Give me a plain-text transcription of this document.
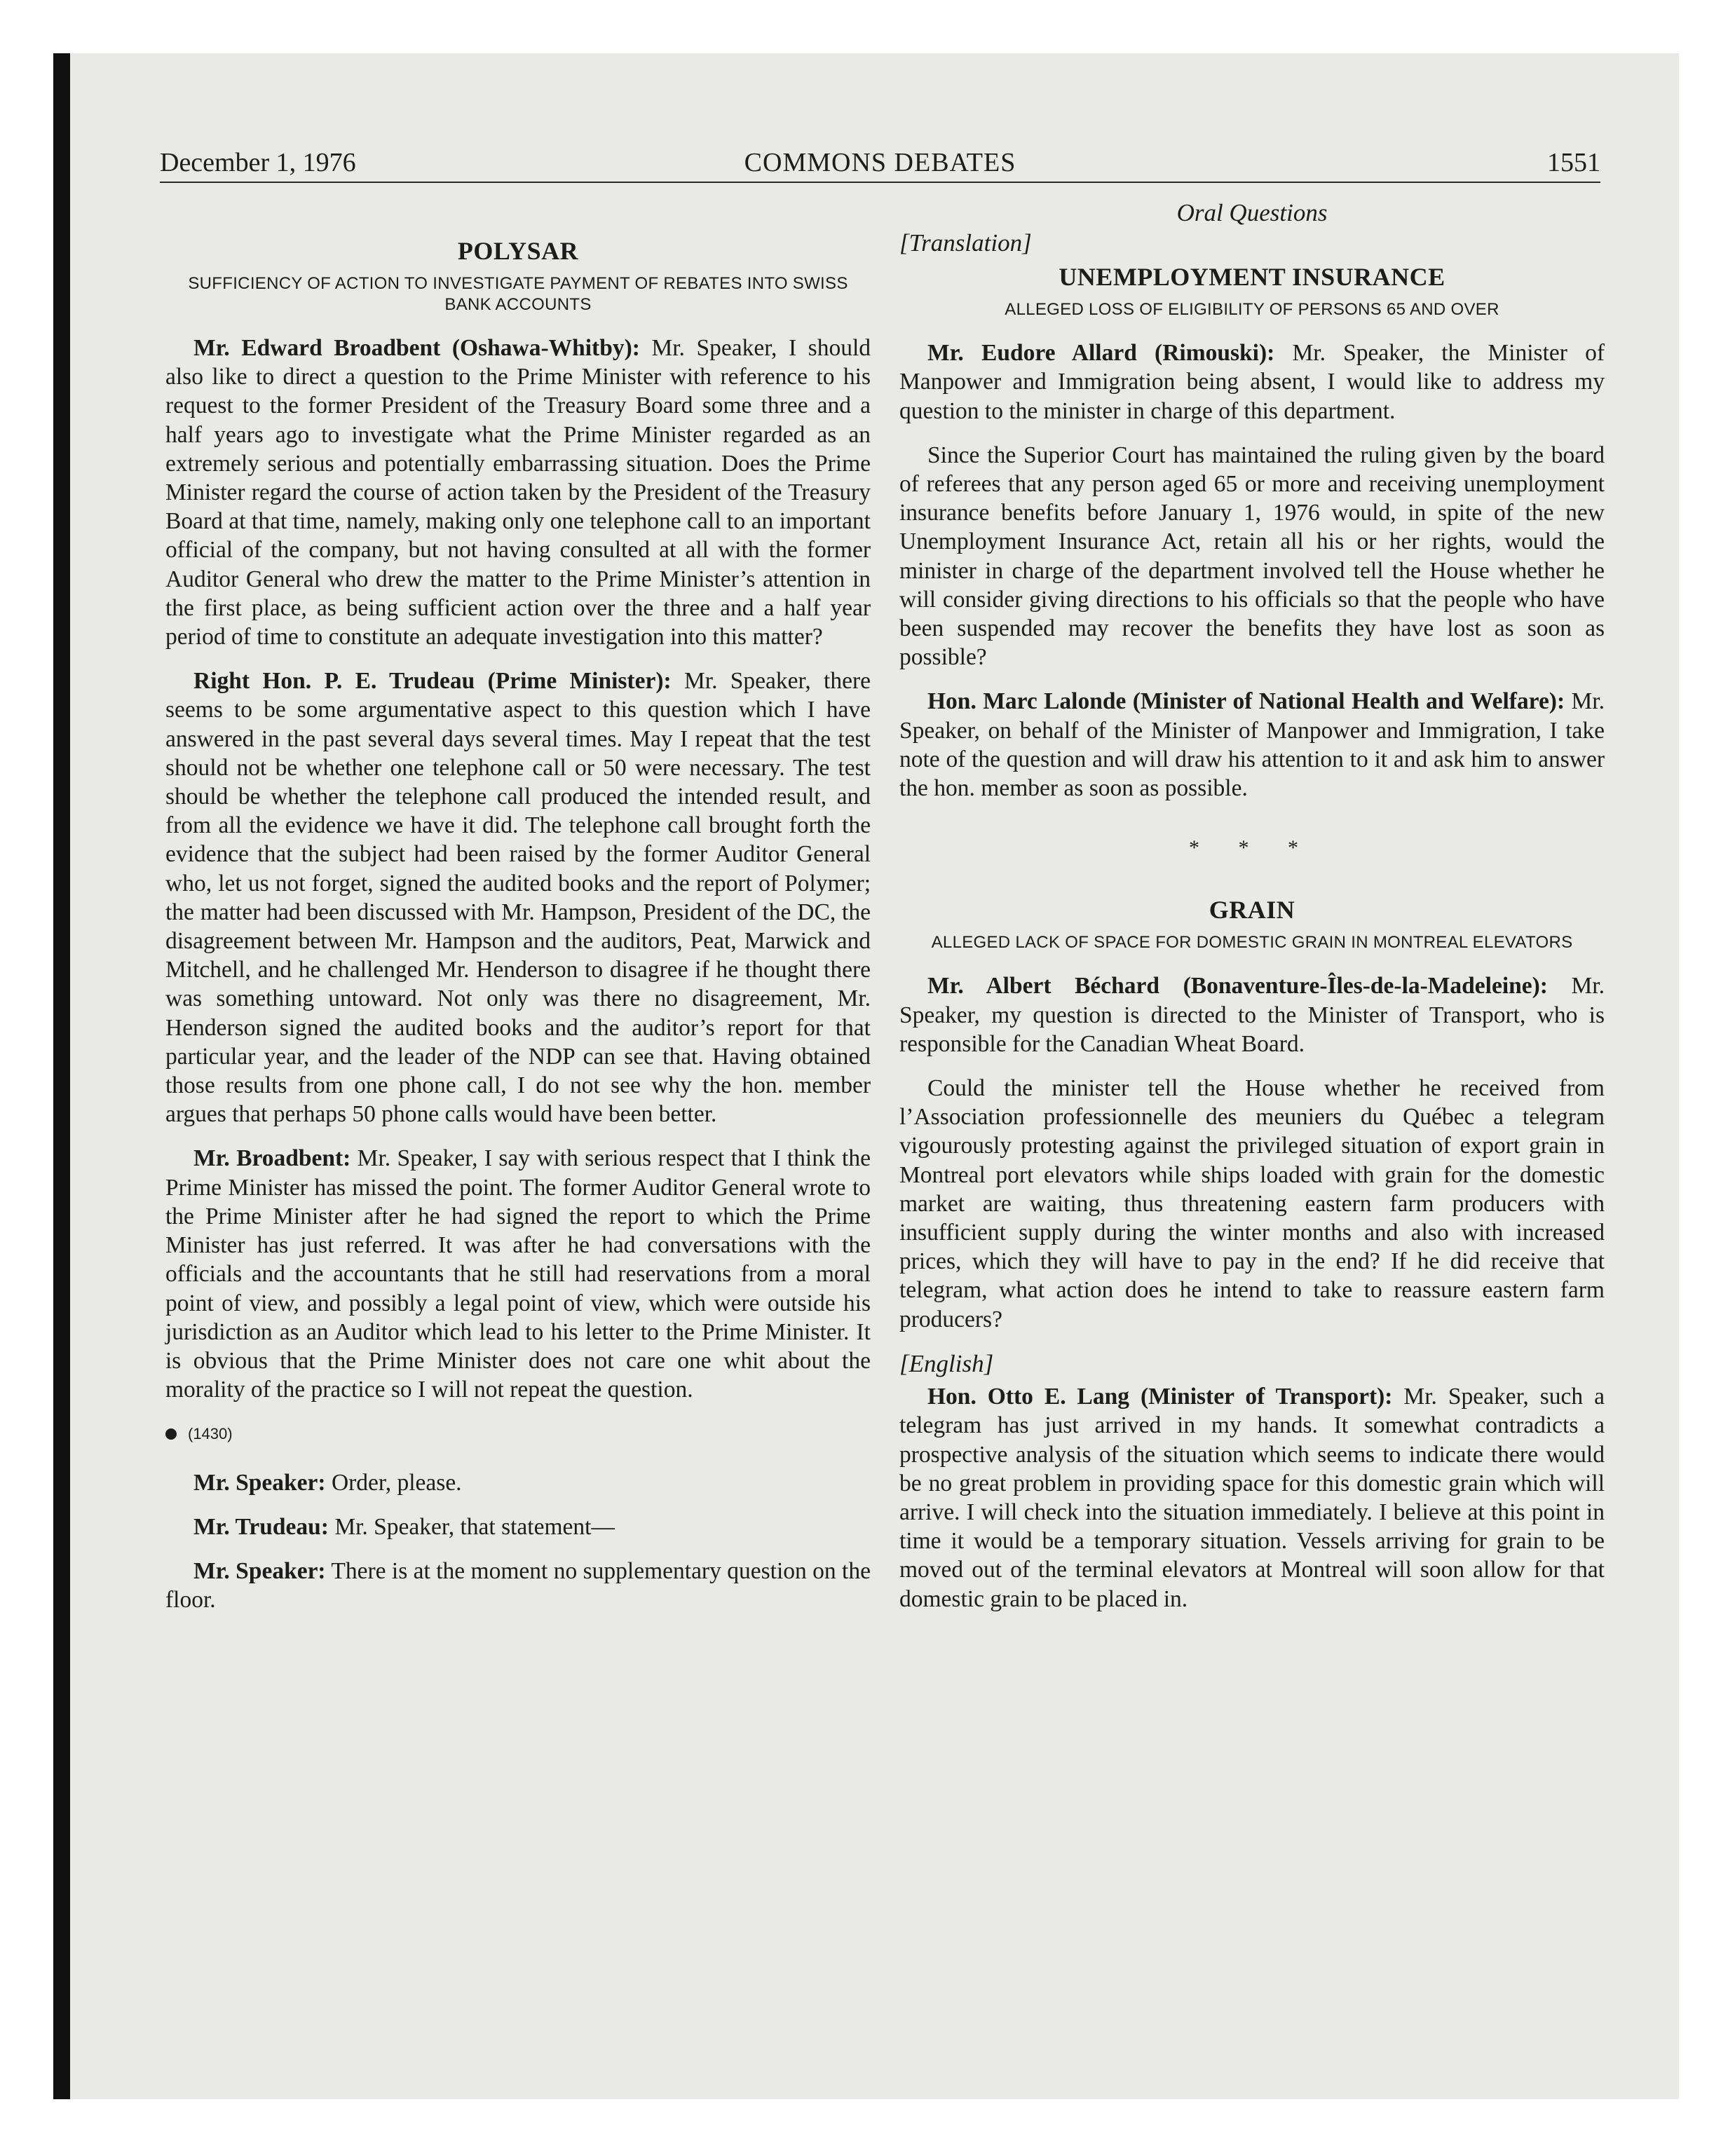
December 1, 1976	COMMONS DEBATES	1551
POLYSAR
SUFFICIENCY OF ACTION TO INVESTIGATE PAYMENT OF REBATES INTO SWISS BANK ACCOUNTS

Mr. Edward Broadbent (Oshawa-Whitby): Mr. Speaker, I should also like to direct a question to the Prime Minister with reference to his request to the former President of the Treasury Board some three and a half years ago to investigate what the Prime Minister regarded as an extremely serious and potentially embarrassing situation. Does the Prime Minister regard the course of action taken by the President of the Treasury Board at that time, namely, making only one telephone call to an important official of the company, but not having consulted at all with the former Auditor General who drew the matter to the Prime Minister’s attention in the first place, as being sufficient action over the three and a half year period of time to constitute an adequate investigation into this matter?

Right Hon. P. E. Trudeau (Prime Minister): Mr. Speaker, there seems to be some argumentative aspect to this question which I have answered in the past several days several times. May I repeat that the test should not be whether one telephone call or 50 were necessary. The test should be whether the telephone call produced the intended result, and from all the evidence we have it did. The telephone call brought forth the evidence that the subject had been raised by the former Auditor General who, let us not forget, signed the audited books and the report of Polymer; the matter had been discussed with Mr. Hampson, President of the DC, the disagreement between Mr. Hampson and the auditors, Peat, Marwick and Mitchell, and he challenged Mr. Henderson to disagree if he thought there was something untoward. Not only was there no disagreement, Mr. Henderson signed the audited books and the auditor’s report for that particular year, and the leader of the NDP can see that. Having obtained those results from one phone call, I do not see why the hon. member argues that perhaps 50 phone calls would have been better.

Mr. Broadbent: Mr. Speaker, I say with serious respect that I think the Prime Minister has missed the point. The former Auditor General wrote to the Prime Minister after he had signed the report to which the Prime Minister has just referred. It was after he had conversations with the officials and the accountants that he still had reservations from a moral point of view, and possibly a legal point of view, which were outside his jurisdiction as an Auditor which lead to his letter to the Prime Minister. It is obvious that the Prime Minister does not care one whit about the morality of the practice so I will not repeat the question.

(1430)

Mr. Speaker: Order, please.

Mr. Trudeau: Mr. Speaker, that statement—

Mr. Speaker: There is at the moment no supplementary question on the floor.

Oral Questions

[Translation]

UNEMPLOYMENT INSURANCE
ALLEGED LOSS OF ELIGIBILITY OF PERSONS 65 AND OVER

Mr. Eudore Allard (Rimouski): Mr. Speaker, the Minister of Manpower and Immigration being absent, I would like to address my question to the minister in charge of this department.

Since the Superior Court has maintained the ruling given by the board of referees that any person aged 65 or more and receiving unemployment insurance benefits before January 1, 1976 would, in spite of the new Unemployment Insurance Act, retain all his or her rights, would the minister in charge of the department involved tell the House whether he will consider giving directions to his officials so that the people who have been suspended may recover the benefits they have lost as soon as possible?

Hon. Marc Lalonde (Minister of National Health and Welfare): Mr. Speaker, on behalf of the Minister of Manpower and Immigration, I take note of the question and will draw his attention to it and ask him to answer the hon. member as soon as possible.

* * *

GRAIN
ALLEGED LACK OF SPACE FOR DOMESTIC GRAIN IN MONTREAL ELEVATORS

Mr. Albert Béchard (Bonaventure-Îles-de-la-Madeleine): Mr. Speaker, my question is directed to the Minister of Transport, who is responsible for the Canadian Wheat Board.

Could the minister tell the House whether he received from l’Association professionnelle des meuniers du Québec a telegram vigourously protesting against the privileged situation of export grain in Montreal port elevators while ships loaded with grain for the domestic market are waiting, thus threatening eastern farm producers with insufficient supply during the winter months and also with increased prices, which they will have to pay in the end? If he did receive that telegram, what action does he intend to take to reassure eastern farm producers?

[English]

Hon. Otto E. Lang (Minister of Transport): Mr. Speaker, such a telegram has just arrived in my hands. It somewhat contradicts a prospective analysis of the situation which seems to indicate there would be no great problem in providing space for this domestic grain which will arrive. I will check into the situation immediately. I believe at this point in time it would be a temporary situation. Vessels arriving for grain to be moved out of the terminal elevators at Montreal will soon allow for that domestic grain to be placed in.
